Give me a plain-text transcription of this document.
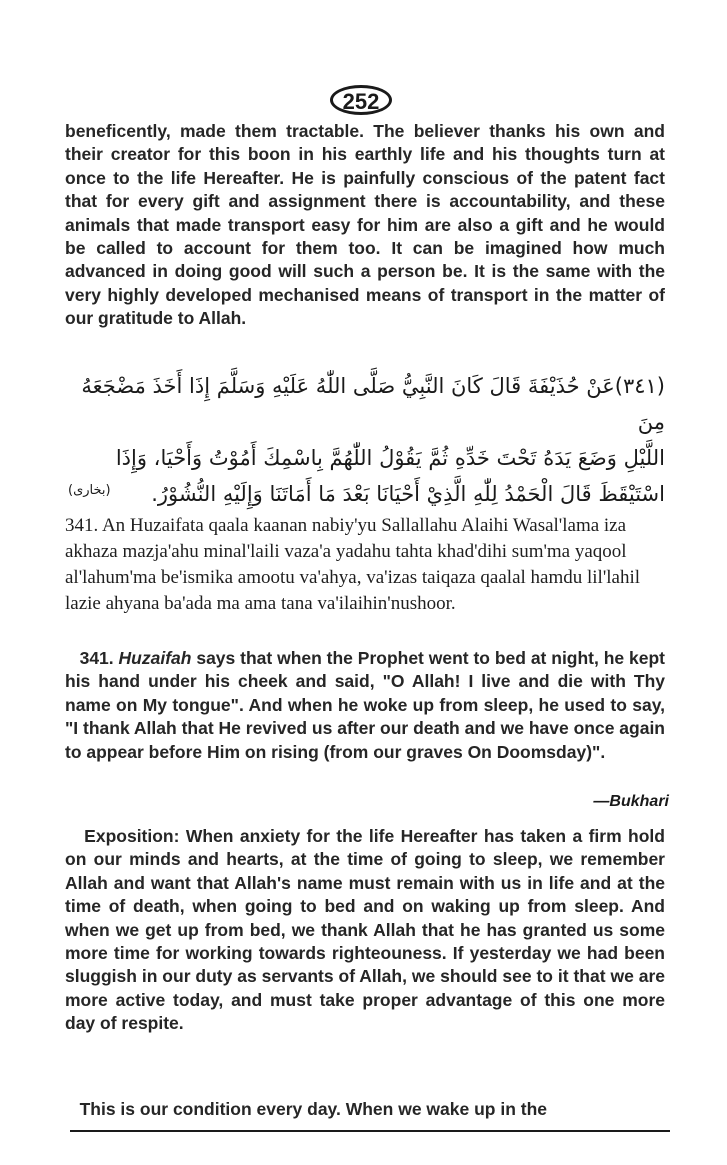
252

beneficently, made them tractable. The believer thanks his own and their creator for this boon in his earthly life and his thoughts turn at once to the life Hereafter. He is painfully conscious of the patent fact that for every gift and assignment there is accountability, and these animals that made transport easy for him are also a gift and he would be called to account for them too. It can be imagined how much advanced in doing good will such a person be. It is the same with the very highly developed mechanised means of transport in the matter of our gratitude to Allah.

(٣٤١)عَنْ حُذَيْفَةَ قَالَ كَانَ النَّبِيُّ صَلَّى اللّٰهُ عَلَيْهِ وَسَلَّمَ إِذَا أَخَذَ مَضْجَعَهُ مِنَ
اللَّيْلِ وَضَعَ يَدَهُ تَحْتَ خَدِّهِ ثُمَّ يَقُوْلُ اللّٰهُمَّ بِاسْمِكَ أَمُوْتُ وَأَحْيَا، وَإِذَا
اسْتَيْقَظَ قَالَ الْحَمْدُ لِلّٰهِ الَّذِيْ أَحْيَانَا بَعْدَ مَا أَمَاتَنَا وَإِلَيْهِ النُّشُوْرُ.
(بخاری)

341. An Huzaifata qaala kaanan nabiy'yu Sallallahu Alaihi Wasal'lama iza akhaza mazja'ahu minal'laili vaza'a yadahu tahta khad'dihi sum'ma yaqool al'lahum'ma be'ismika amootu va'ahya, va'izas taiqaza qaalal hamdu lil'lahil lazie ahyana ba'ada ma ama tana va'ilaihin'nushoor.

341. Huzaifah says that when the Prophet went to bed at night, he kept his hand under his cheek and said, "O Allah! I live and die with Thy name on My tongue". And when he woke up from sleep, he used to say, "I thank Allah that He revived us after our death and we have once again to appear before Him on rising (from our graves On Doomsday)".

—Bukhari

Exposition: When anxiety for the life Hereafter has taken a firm hold on our minds and hearts, at the time of going to sleep, we remember Allah and want that Allah's name must remain with us in life and at the time of death, when going to bed and on waking up from sleep. And when we get up from bed, we thank Allah that he has granted us some more time for working towards righteouness. If yesterday we had been sluggish in our duty as servants of Allah, we should see to it that we are more active today, and must take proper advantage of this one more day of respite.

This is our condition every day. When we wake up in the
